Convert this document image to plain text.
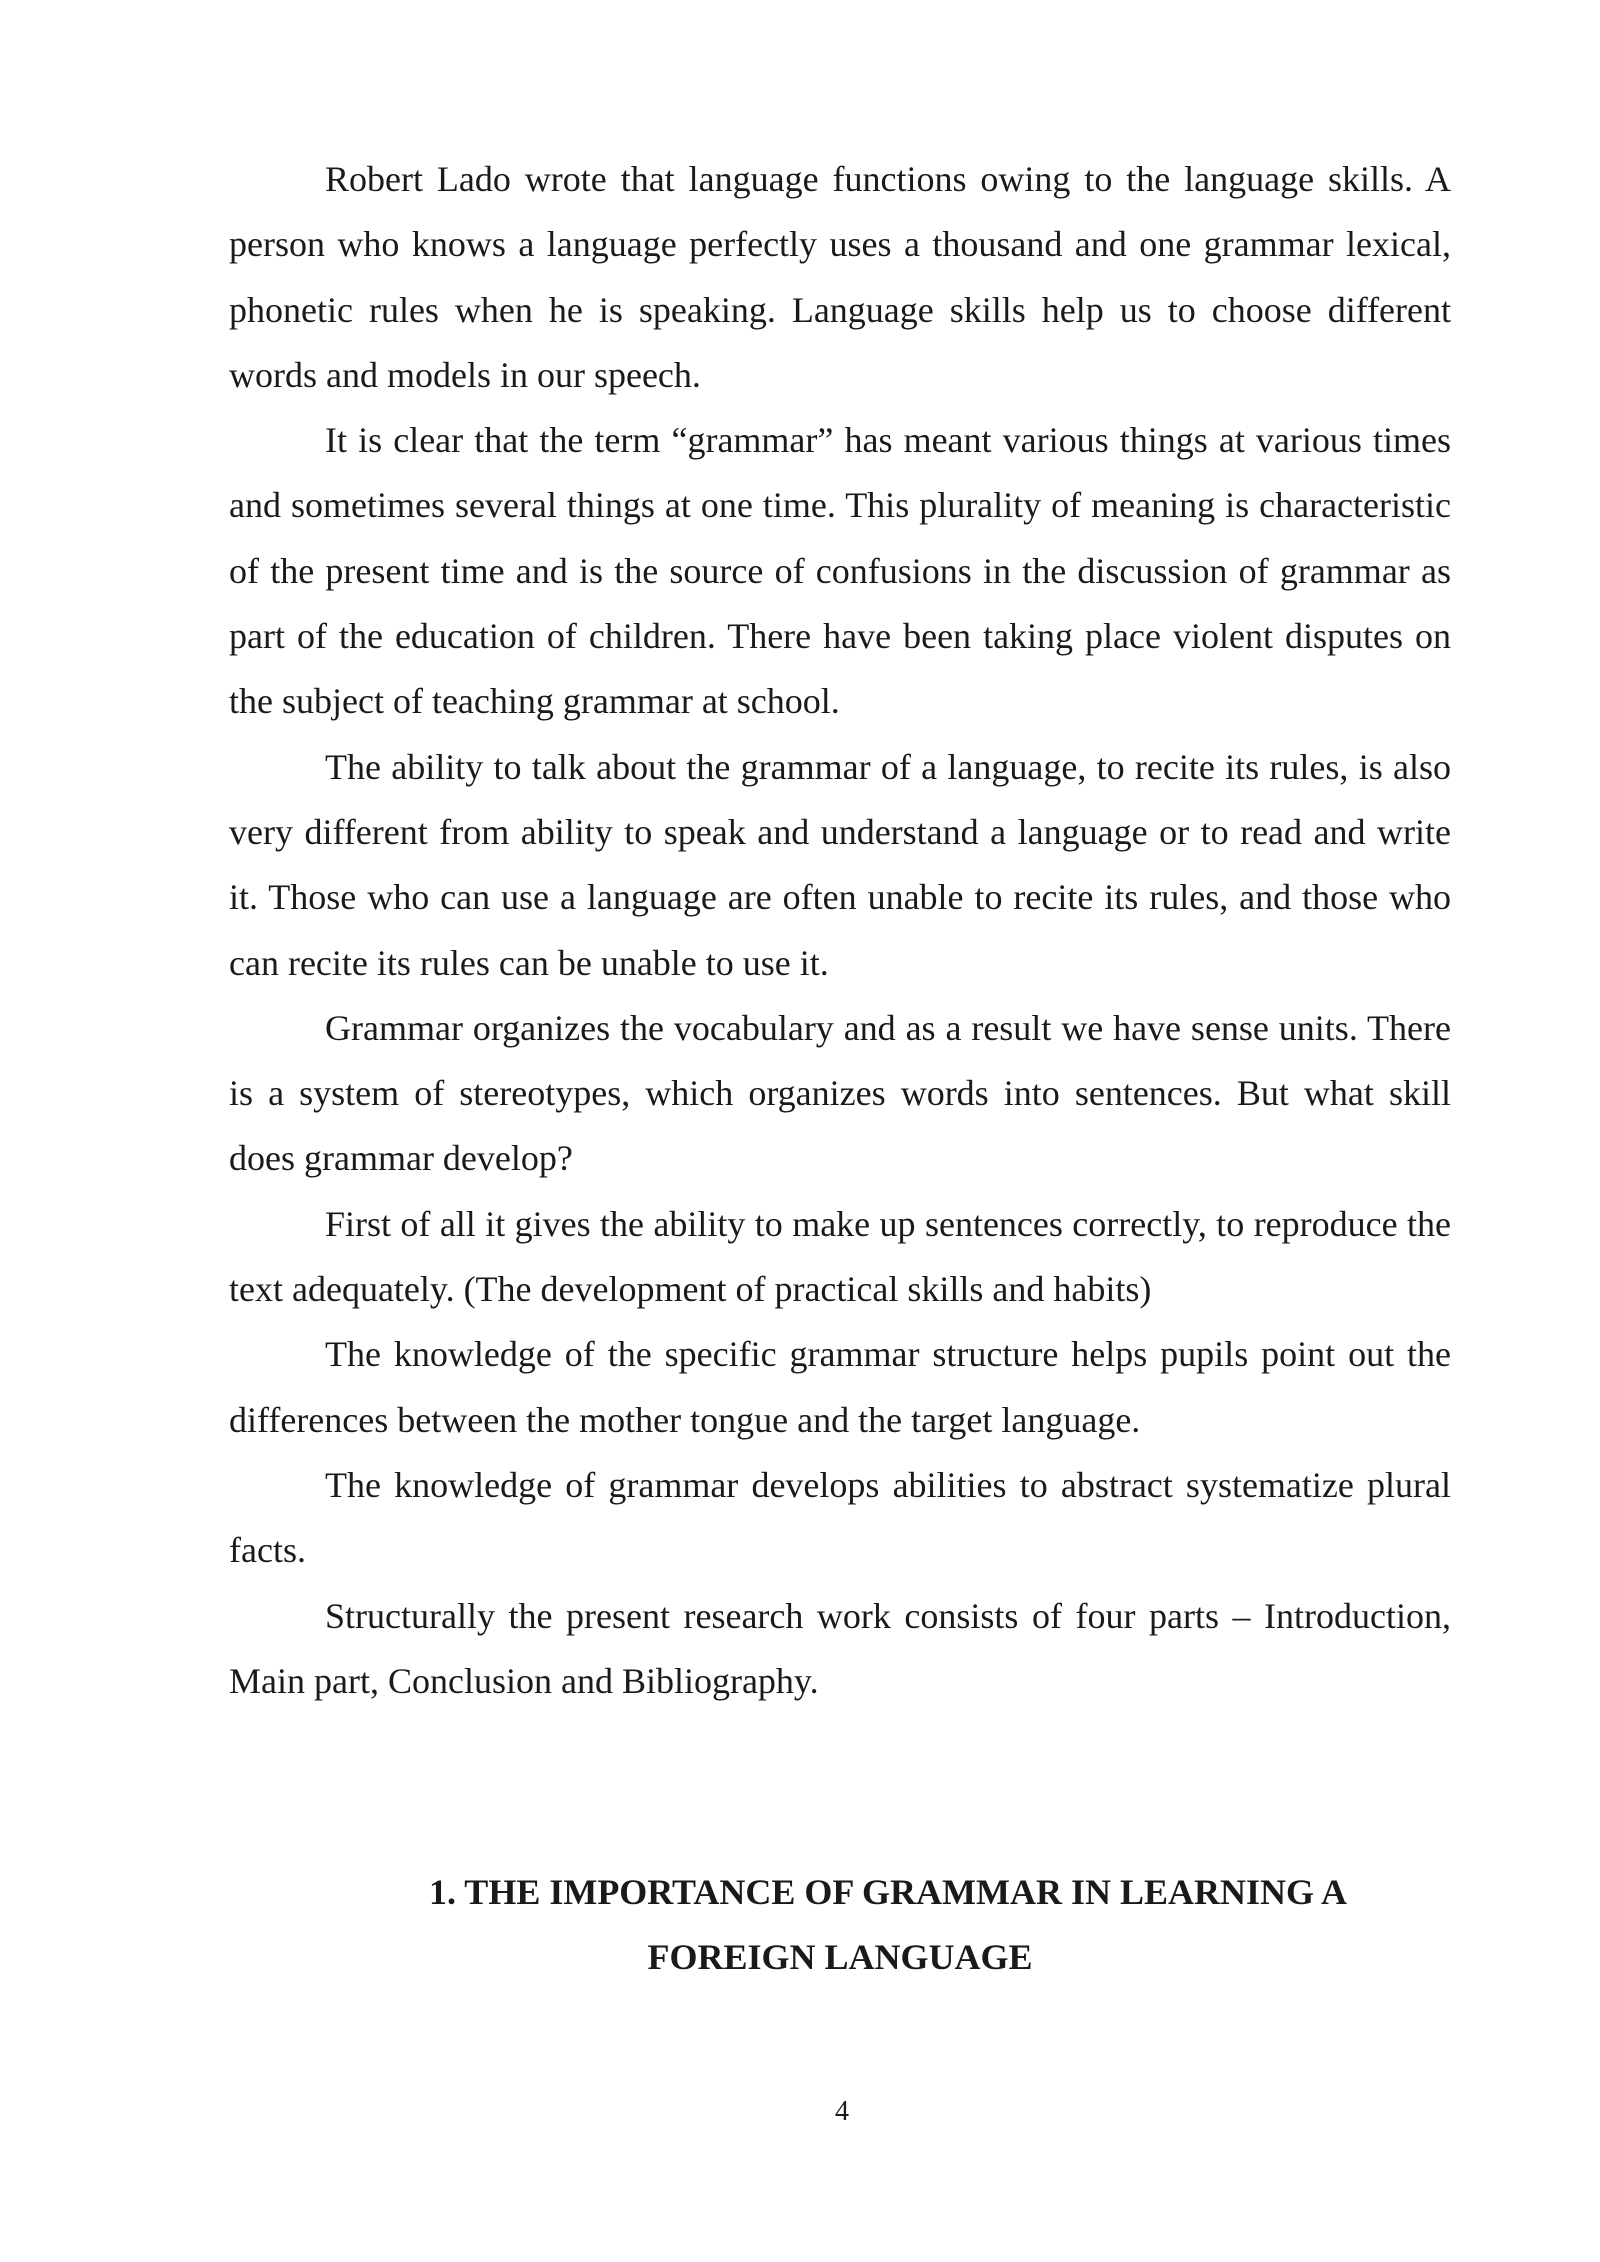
Robert Lado wrote that language functions owing to the language skills. A person who knows a language perfectly uses a thousand and one grammar lexical, phonetic rules when he is speaking. Language skills help us to choose different words and models in our speech.

It is clear that the term “grammar” has meant various things at various times and sometimes several things at one time. This plurality of meaning is characteristic of the present time and is the source of confusions in the discussion of grammar as part of the education of children. There have been taking place violent disputes on the subject of teaching grammar at school.

The ability to talk about the grammar of a language, to recite its rules, is also very different from ability to speak and understand a language or to read and write it. Those who can use a language are often unable to recite its rules, and those who can recite its rules can be unable to use it.

Grammar organizes the vocabulary and as a result we have sense units. There is a system of stereotypes, which organizes words into sentences. But what skill does grammar develop?

First of all it gives the ability to make up sentences correctly, to reproduce the text adequately. (The development of practical skills and habits)

The knowledge of the specific grammar structure helps pupils point out the differences between the mother tongue and the target language.

The knowledge of grammar develops abilities to abstract systematize plural facts.

Structurally the present research work consists of four parts – Introduction, Main part, Conclusion and Bibliography.

1. THE IMPORTANCE OF GRAMMAR IN LEARNING A
FOREIGN LANGUAGE
4
